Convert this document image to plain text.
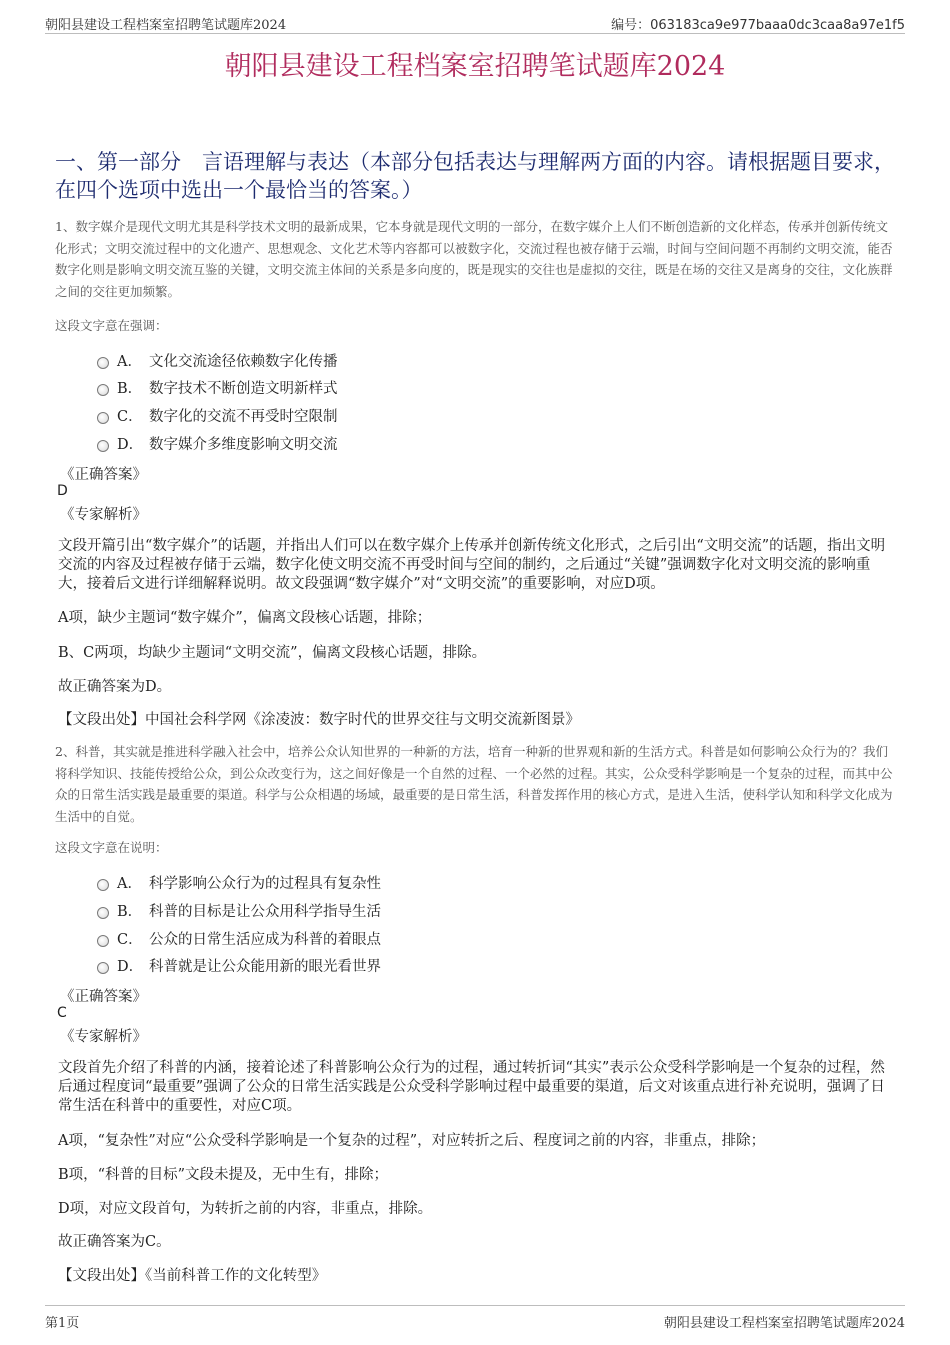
朝阳县建设工程档案室招聘笔试题库2024	编号：063183ca9e977baaa0dc3caa8a97e1f5
朝阳县建设工程档案室招聘笔试题库2024
一、第一部分　言语理解与表达（本部分包括表达与理解两方面的内容。请根据题目要求，在四个选项中选出一个最恰当的答案。）
1、数字媒介是现代文明尤其是科学技术文明的最新成果，它本身就是现代文明的一部分，在数字媒介上人们不断创造新的文化样态，传承并创新传统文化形式；文明交流过程中的文化遗产、思想观念、文化艺术等内容都可以被数字化，交流过程也被存储于云端，时间与空间问题不再制约文明交流，能否数字化则是影响文明交流互鉴的关键，文明交流主体间的关系是多向度的，既是现实的交往也是虚拟的交往，既是在场的交往又是离身的交往，文化族群之间的交往更加频繁。
这段文字意在强调：
A． 文化交流途径依赖数字化传播
B． 数字技术不断创造文明新样式
C． 数字化的交流不再受时空限制
D． 数字媒介多维度影响文明交流
《正确答案》
D
《专家解析》
文段开篇引出“数字媒介”的话题，并指出人们可以在数字媒介上传承并创新传统文化形式，之后引出“文明交流”的话题，指出文明交流的内容及过程被存储于云端，数字化使文明交流不再受时间与空间的制约，之后通过“关键”强调数字化对文明交流的影响重大，接着后文进行详细解释说明。故文段强调“数字媒介”对“文明交流”的重要影响，对应D项。
A项，缺少主题词“数字媒介”，偏离文段核心话题，排除；
B、C两项，均缺少主题词“文明交流”，偏离文段核心话题，排除。
故正确答案为D。
【文段出处】中国社会科学网《涂凌波：数字时代的世界交往与文明交流新图景》
2、科普，其实就是推进科学融入社会中，培养公众认知世界的一种新的方法，培育一种新的世界观和新的生活方式。科普是如何影响公众行为的？我们将科学知识、技能传授给公众，到公众改变行为，这之间好像是一个自然的过程、一个必然的过程。其实，公众受科学影响是一个复杂的过程，而其中公众的日常生活实践是最重要的渠道。科学与公众相遇的场域，最重要的是日常生活，科普发挥作用的核心方式，是进入生活，使科学认知和科学文化成为生活中的自觉。
这段文字意在说明：
A． 科学影响公众行为的过程具有复杂性
B． 科普的目标是让公众用科学指导生活
C． 公众的日常生活应成为科普的着眼点
D． 科普就是让公众能用新的眼光看世界
《正确答案》
C
《专家解析》
文段首先介绍了科普的内涵，接着论述了科普影响公众行为的过程，通过转折词“其实”表示公众受科学影响是一个复杂的过程，然后通过程度词“最重要”强调了公众的日常生活实践是公众受科学影响过程中最重要的渠道，后文对该重点进行补充说明，强调了日常生活在科普中的重要性，对应C项。
A项，“复杂性”对应“公众受科学影响是一个复杂的过程”，对应转折之后、程度词之前的内容，非重点，排除；
B项，“科普的目标”文段未提及，无中生有，排除；
D项，对应文段首句，为转折之前的内容，非重点，排除。
故正确答案为C。
【文段出处】《当前科普工作的文化转型》
第1页	朝阳县建设工程档案室招聘笔试题库2024
